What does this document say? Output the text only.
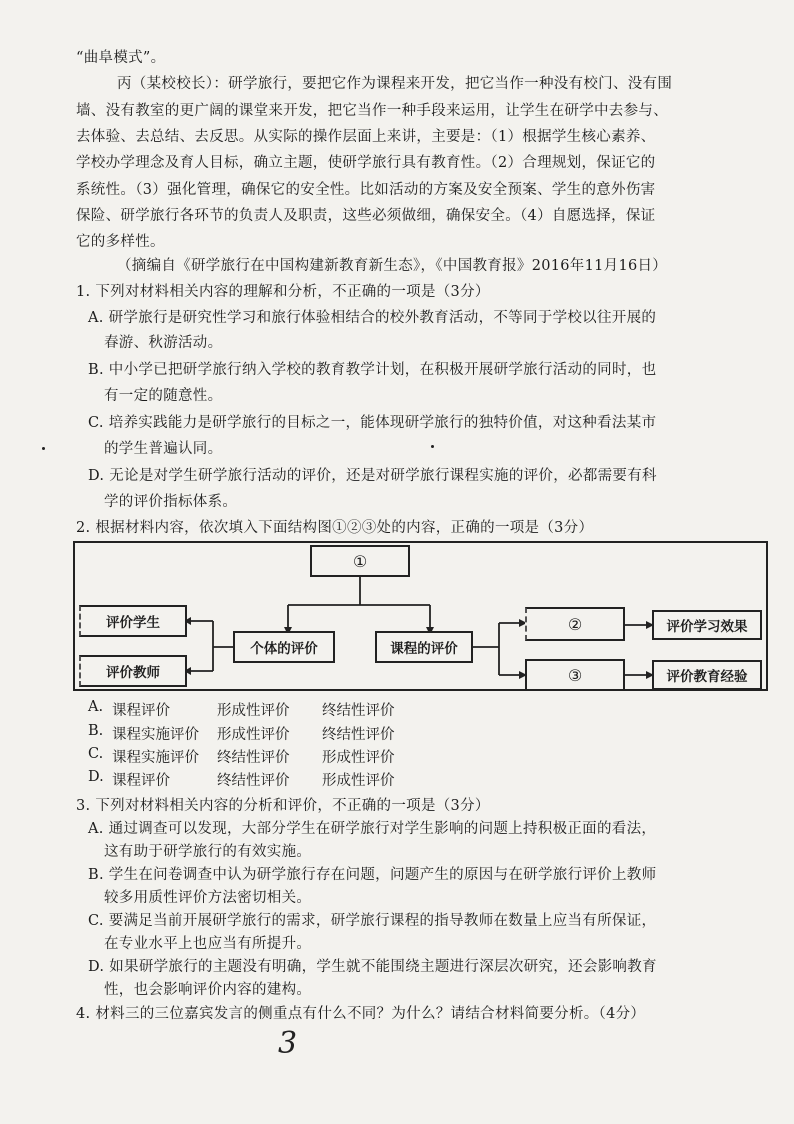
“曲阜模式”。
丙（某校校长）：研学旅行，要把它作为课程来开发，把它当作一种没有校门、没有围
墙、没有教室的更广阔的课堂来开发，把它当作一种手段来运用，让学生在研学中去参与、
去体验、去总结、去反思。从实际的操作层面上来讲，主要是：（1）根据学生核心素养、
学校办学理念及育人目标，确立主题，使研学旅行具有教育性。（2）合理规划，保证它的
系统性。（3）强化管理，确保它的安全性。比如活动的方案及安全预案、学生的意外伤害
保险、研学旅行各环节的负责人及职责，这些必须做细，确保安全。（4）自愿选择，保证
它的多样性。
（摘编自《研学旅行在中国构建新教育新生态》，《中国教育报》2016年11月16日）
1. 下列对材料相关内容的理解和分析，不正确的一项是（3分）
A. 研学旅行是研究性学习和旅行体验相结合的校外教育活动，不等同于学校以往开展的
春游、秋游活动。
B. 中小学已把研学旅行纳入学校的教育教学计划，在积极开展研学旅行活动的同时，也
有一定的随意性。
C. 培养实践能力是研学旅行的目标之一，能体现研学旅行的独特价值，对这种看法某市
的学生普遍认同。
D. 无论是对学生研学旅行活动的评价，还是对研学旅行课程实施的评价，必都需要有科
学的评价指标体系。
2. 根据材料内容，依次填入下面结构图①②③处的内容，正确的一项是（3分）
①
评价学生
评价教师
个体的评价	课程的评价
②
③
评价学习效果
评价教育经验
A. 课程评价	形成性评价 终结性评价
B. 课程实施评价 形成性评价 终结性评价
C. 课程实施评价 终结性评价 形成性评价
D. 课程评价	终结性评价 形成性评价
3. 下列对材料相关内容的分析和评价，不正确的一项是（3分）
A. 通过调查可以发现，大部分学生在研学旅行对学生影响的问题上持积极正面的看法，
这有助于研学旅行的有效实施。
B. 学生在问卷调查中认为研学旅行存在问题，问题产生的原因与在研学旅行评价上教师
较多用质性评价方法密切相关。
C. 要满足当前开展研学旅行的需求，研学旅行课程的指导教师在数量上应当有所保证，
在专业水平上也应当有所提升。
D. 如果研学旅行的主题没有明确，学生就不能围绕主题进行深层次研究，还会影响教育
性，也会影响评价内容的建构。
4. 材料三的三位嘉宾发言的侧重点有什么不同？为什么？请结合材料简要分析。（4分）
3
